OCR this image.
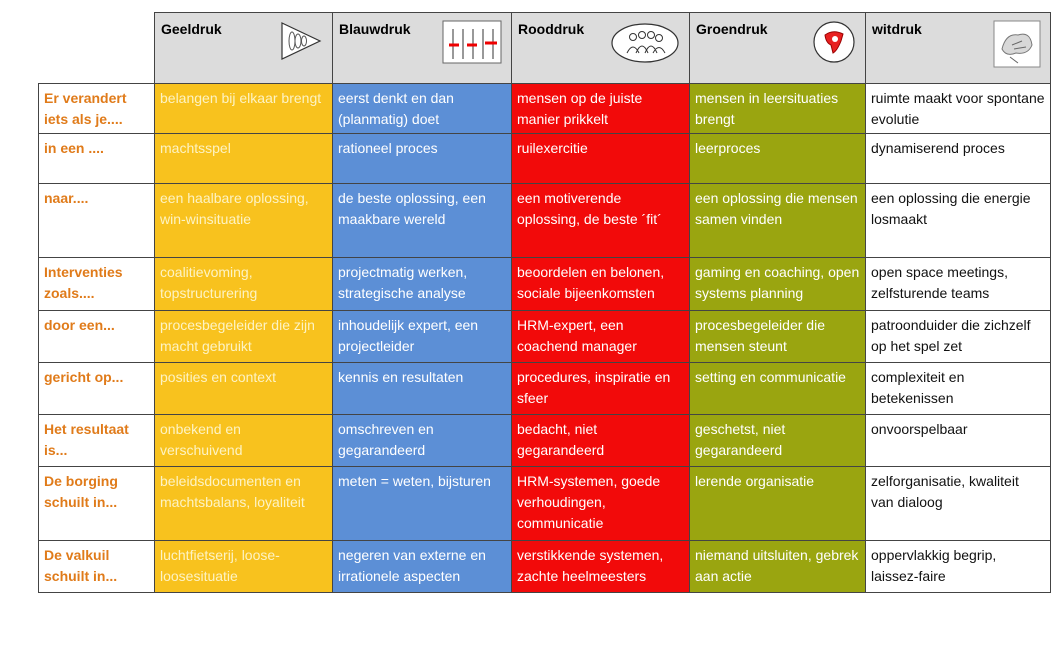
	Geeldruk	Blauwdruk	Rooddruk	Groendruk	witdruk

Er verandert iets als je....	belangen bij elkaar brengt	eerst denkt en dan (planmatig) doet	mensen op de juiste manier prikkelt	mensen in leersituaties brengt	ruimte maakt voor spontane evolutie
in een ....	machtsspel	rationeel proces	ruilexercitie	leerproces	dynamiserend proces
naar....	een haalbare oplossing, win-winsituatie	de beste oplossing, een maakbare wereld	een motiverende oplossing, de beste ´fit´	een oplossing die mensen samen vinden	een oplossing die energie losmaakt
Interventies zoals....	coalitievoming, topstructurering	projectmatig werken, strategische analyse	beoordelen en belonen, sociale bijeenkomsten	gaming en coaching, open systems planning	open space meetings, zelfsturende teams
door een...	procesbegeleider die zijn macht gebruikt	inhoudelijk expert, een projectleider	HRM-expert, een coachend manager	procesbegeleider die mensen steunt	patroonduider die zichzelf op het spel zet
gericht op...	posities en context	kennis en resultaten	procedures, inspiratie en sfeer	setting en communicatie	complexiteit en betekenissen
Het resultaat is...	onbekend en verschuivend	omschreven en gegarandeerd	bedacht, niet gegarandeerd	geschetst, niet gegarandeerd	onvoorspelbaar
De borging schuilt in...	beleidsdocumenten en machtsbalans, loyaliteit	meten = weten, bijsturen	HRM-systemen, goede verhoudingen, communicatie	lerende organisatie	zelforganisatie, kwaliteit van dialoog
De valkuil schuilt in...	luchtfietserij, loose-loosesituatie	negeren van externe en irrationele aspecten	verstikkende systemen, zachte heelmeesters	niemand uitsluiten, gebrek aan actie	oppervlakkig begrip, laissez-faire
